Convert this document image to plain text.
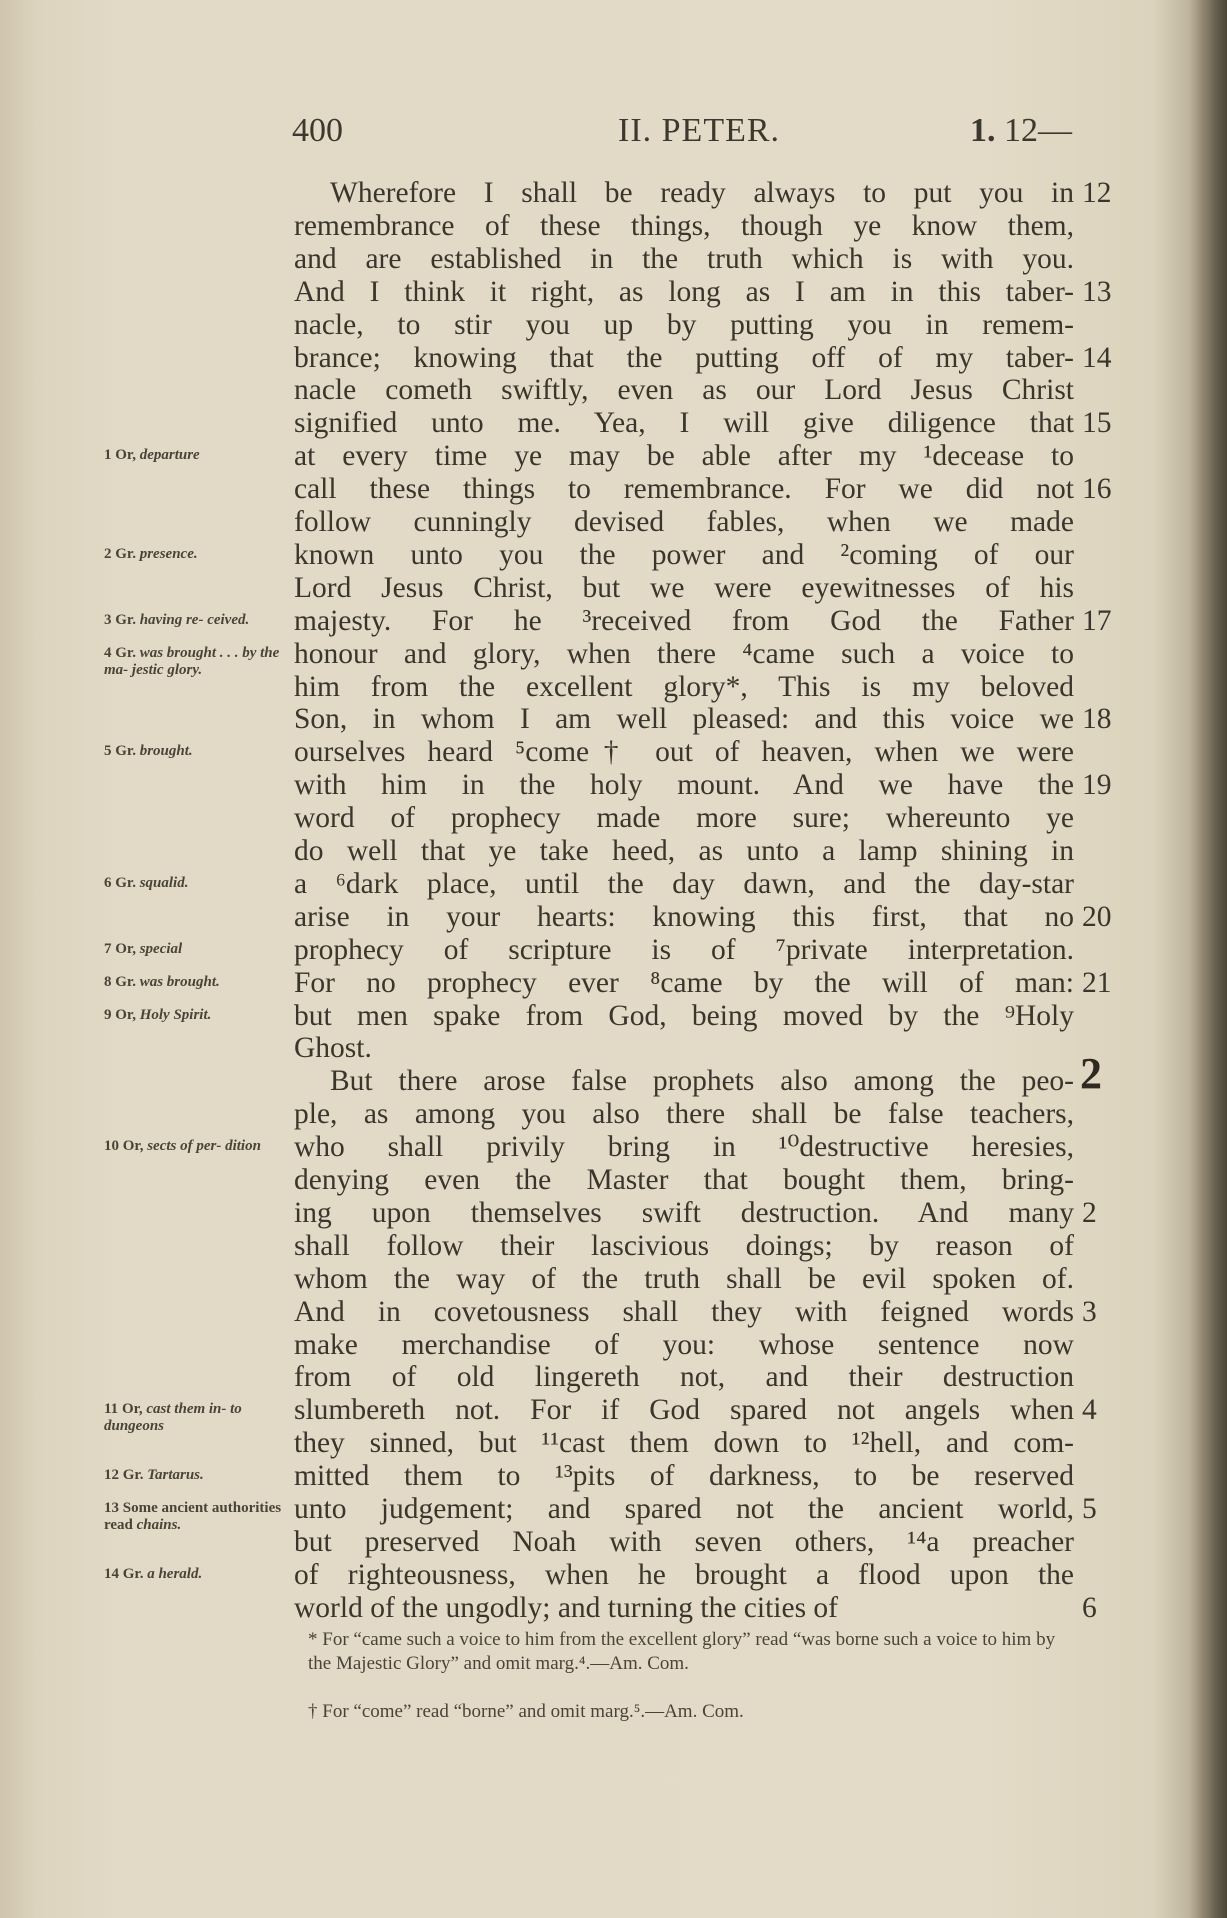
400	II. PETER.	1. 12—
2
Wherefore I shall be ready always to put you in
remembrance of these things, though ye know them,
and are established in the truth which is with you.
And I think it right, as long as I am in this taber-
nacle, to stir you up by putting you in remem-
brance; knowing that the putting off of my taber-
nacle cometh swiftly, even as our Lord Jesus Christ
signified unto me. Yea, I will give diligence that
at every time ye may be able after my ¹decease to
call these things to remembrance. For we did not
follow cunningly devised fables, when we made
known unto you the power and ²coming of our
Lord Jesus Christ, but we were eyewitnesses of his
majesty. For he ³received from God the Father
honour and glory, when there ⁴came such a voice to
him from the excellent glory*, This is my beloved
Son, in whom I am well pleased: and this voice we
ourselves heard ⁵come† out of heaven, when we were
with him in the holy mount. And we have the
word of prophecy made more sure; whereunto ye
do well that ye take heed, as unto a lamp shining in
a ⁶dark place, until the day dawn, and the day-star
arise in your hearts: knowing this first, that no
prophecy of scripture is of ⁷private interpretation.
For no prophecy ever ⁸came by the will of man:
but men spake from God, being moved by the ⁹Holy
Ghost.
But there arose false prophets also among the peo-
ple, as among you also there shall be false teachers,
who shall privily bring in ¹⁰destructive heresies,
denying even the Master that bought them, bring-
ing upon themselves swift destruction. And many
shall follow their lascivious doings; by reason of
whom the way of the truth shall be evil spoken of.
And in covetousness shall they with feigned words
make merchandise of you: whose sentence now
from of old lingereth not, and their destruction
slumbereth not. For if God spared not angels when
they sinned, but ¹¹cast them down to ¹²hell, and com-
mitted them to ¹³pits of darkness, to be reserved
unto judgement; and spared not the ancient world,
but preserved Noah with seven others, ¹⁴a preacher
of righteousness, when he brought a flood upon the
world of the ungodly; and turning the cities of
12
13
14
15
16
17
18
19
20
21
2
3
4
5
6
1 Or, departure
2 Gr. presence.
3 Gr. having re- ceived.
4 Gr. was brought . . . by the ma- jestic glory.
5 Gr. brought.
6 Gr. squalid.
7 Or, special
8 Gr. was brought.
9 Or, Holy Spirit.
10 Or, sects of per- dition
11 Or, cast them in- to dungeons
12 Gr. Tartarus.
13 Some ancient authorities read chains.
14 Gr. a herald.
* For “came such a voice to him from the excellent glory” read “was borne such a voice to him by the Majestic Glory” and omit marg.⁴.—Am. Com.
† For “come” read “borne” and omit marg.⁵.—Am. Com.
